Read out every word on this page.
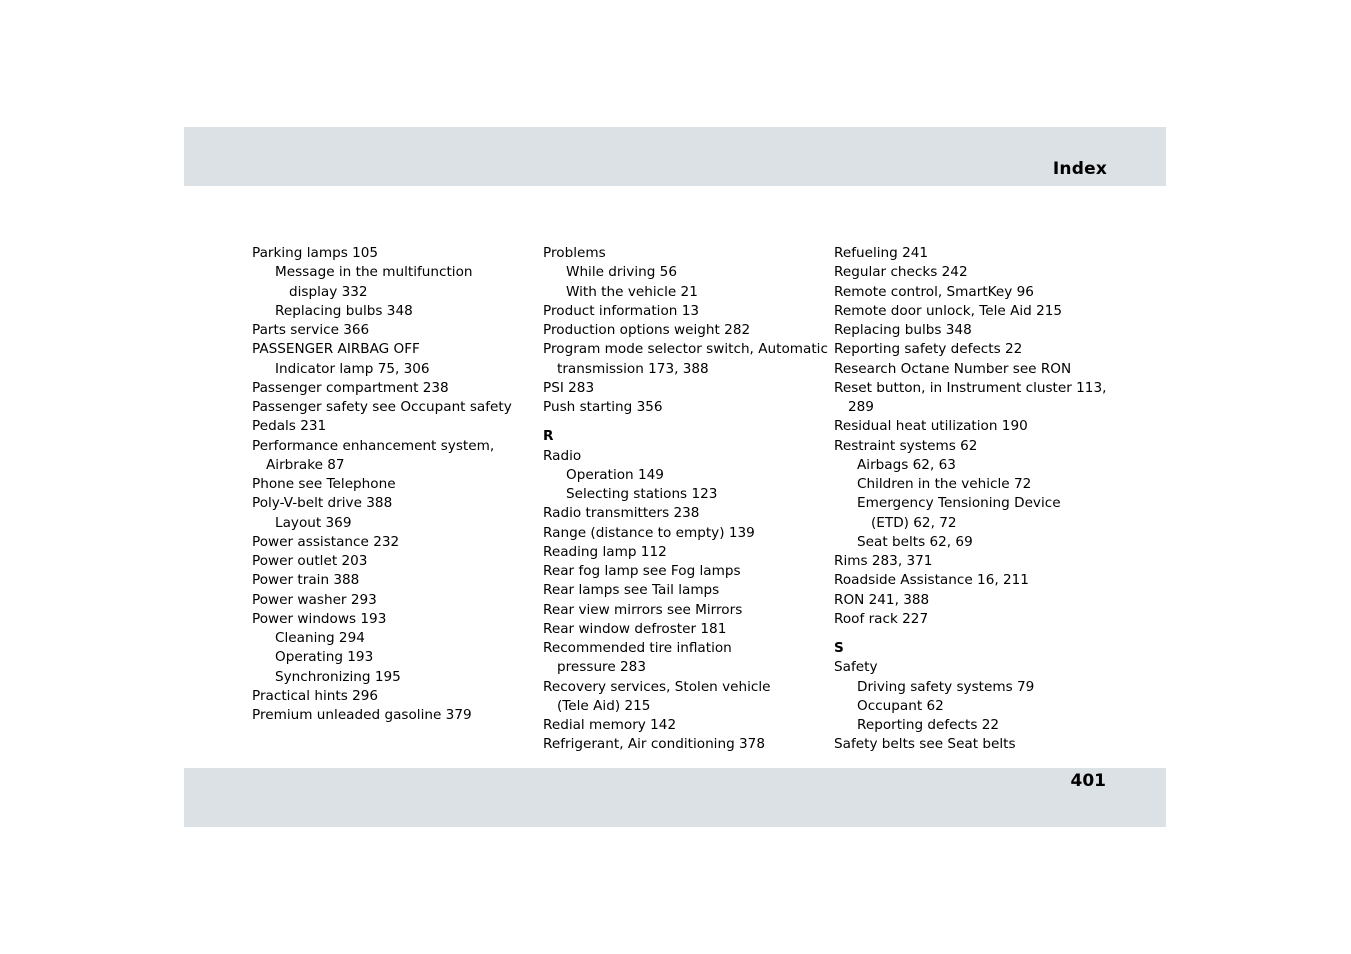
Index
Parking lamps 105
Message in the multifunction
display 332
Replacing bulbs 348
Parts service 366
PASSENGER AIRBAG OFF
Indicator lamp 75, 306
Passenger compartment 238
Passenger safety see Occupant safety
Pedals 231
Performance enhancement system,
Airbrake 87
Phone see Telephone
Poly-V-belt drive 388
Layout 369
Power assistance 232
Power outlet 203
Power train 388
Power washer 293
Power windows 193
Cleaning 294
Operating 193
Synchronizing 195
Practical hints 296
Premium unleaded gasoline 379
Problems
While driving 56
With the vehicle 21
Product information 13
Production options weight 282
Program mode selector switch, Automatic
transmission 173, 388
PSI 283
Push starting 356
R
Radio
Operation 149
Selecting stations 123
Radio transmitters 238
Range (distance to empty) 139
Reading lamp 112
Rear fog lamp see Fog lamps
Rear lamps see Tail lamps
Rear view mirrors see Mirrors
Rear window defroster 181
Recommended tire inflation
pressure 283
Recovery services, Stolen vehicle
(Tele Aid) 215
Redial memory 142
Refrigerant, Air conditioning 378
Refueling 241
Regular checks 242
Remote control, SmartKey 96
Remote door unlock, Tele Aid 215
Replacing bulbs 348
Reporting safety defects 22
Research Octane Number see RON
Reset button, in Instrument cluster 113,
289
Residual heat utilization 190
Restraint systems 62
Airbags 62, 63
Children in the vehicle 72
Emergency Tensioning Device
(ETD) 62, 72
Seat belts 62, 69
Rims 283, 371
Roadside Assistance 16, 211
RON 241, 388
Roof rack 227
S
Safety
Driving safety systems 79
Occupant 62
Reporting defects 22
Safety belts see Seat belts
401
